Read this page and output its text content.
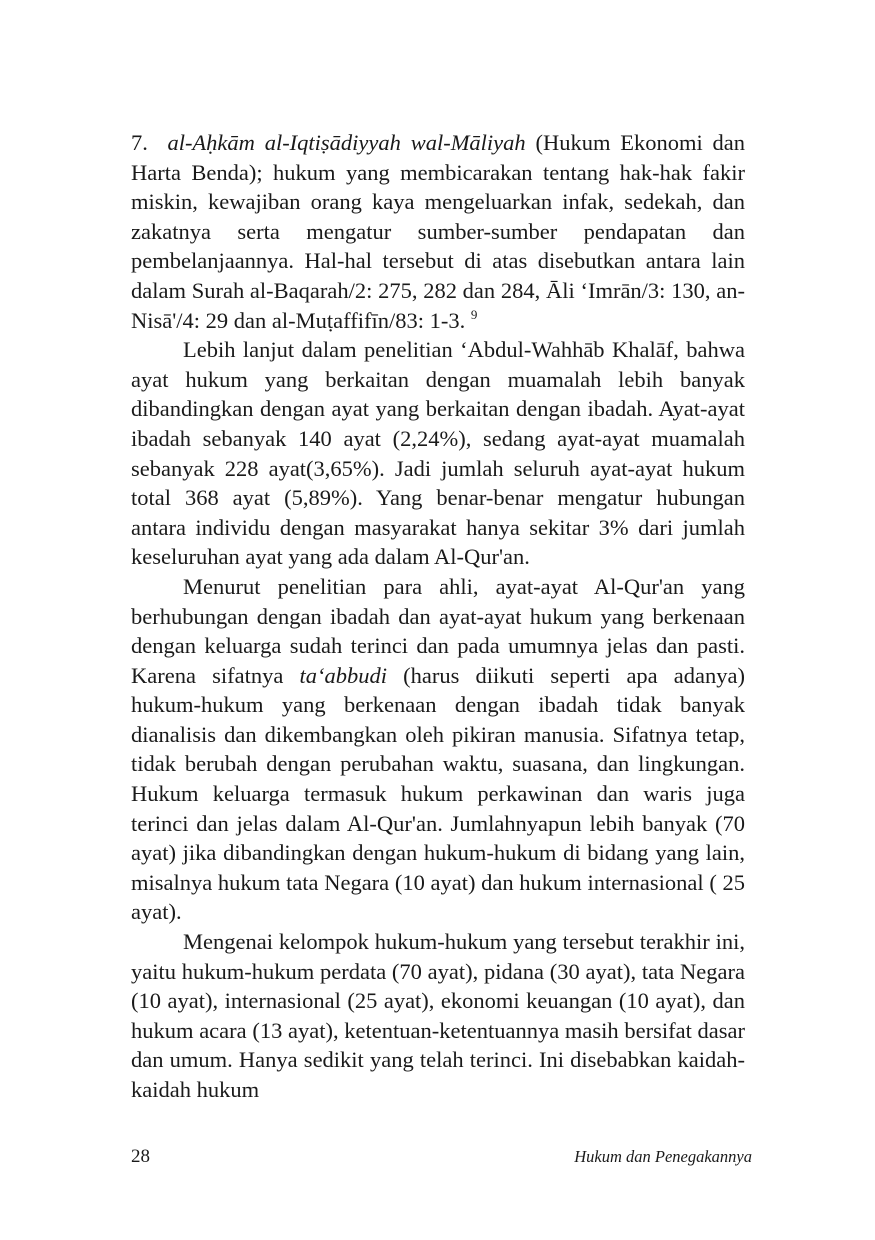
7. al-Aḥkām al-Iqtiṣādiyyah wal-Māliyah (Hukum Ekonomi dan Harta Benda); hukum yang membicarakan tentang hak-hak fakir miskin, kewajiban orang kaya mengeluarkan infak, sedekah, dan zakatnya serta mengatur sumber-sumber pendapatan dan pembelanjaannya. Hal-hal tersebut di atas disebutkan antara lain dalam Surah al-Baqarah/2: 275, 282 dan 284, Āli ‘Imrān/3: 130, an-Nisā'/4: 29 dan al-Muṭaffifīn/83: 1-3. $^9$

Lebih lanjut dalam penelitian ‘Abdul-Wahhāb Khalāf, bahwa ayat hukum yang berkaitan dengan muamalah lebih banyak dibandingkan dengan ayat yang berkaitan dengan ibadah. Ayat-ayat ibadah sebanyak 140 ayat (2,24%), sedang ayat-ayat muamalah sebanyak 228 ayat(3,65%). Jadi jumlah seluruh ayat-ayat hukum total 368 ayat (5,89%). Yang benar-benar mengatur hubungan antara individu dengan masyarakat hanya sekitar 3% dari jumlah keseluruhan ayat yang ada dalam Al-Qur'an.

Menurut penelitian para ahli, ayat-ayat Al-Qur'an yang berhubungan dengan ibadah dan ayat-ayat hukum yang berkenaan dengan keluarga sudah terinci dan pada umumnya jelas dan pasti. Karena sifatnya ta‘abbudi (harus diikuti seperti apa adanya) hukum-hukum yang berkenaan dengan ibadah tidak banyak dianalisis dan dikembangkan oleh pikiran manusia. Sifatnya tetap, tidak berubah dengan perubahan waktu, suasana, dan lingkungan. Hukum keluarga termasuk hukum perkawinan dan waris juga terinci dan jelas dalam Al-Qur'an. Jumlahnyapun lebih banyak (70 ayat) jika dibandingkan dengan hukum-hukum di bidang yang lain, misalnya hukum tata Negara (10 ayat) dan hukum internasional ( 25 ayat).

Mengenai kelompok hukum-hukum yang tersebut terakhir ini, yaitu hukum-hukum perdata (70 ayat), pidana (30 ayat), tata Negara (10 ayat), internasional (25 ayat), ekonomi keuangan (10 ayat), dan hukum acara (13 ayat), ketentuan-ketentuannya masih bersifat dasar dan umum. Hanya sedikit yang telah terinci. Ini disebabkan kaidah-kaidah hukum

28	Hukum dan Penegakannya
